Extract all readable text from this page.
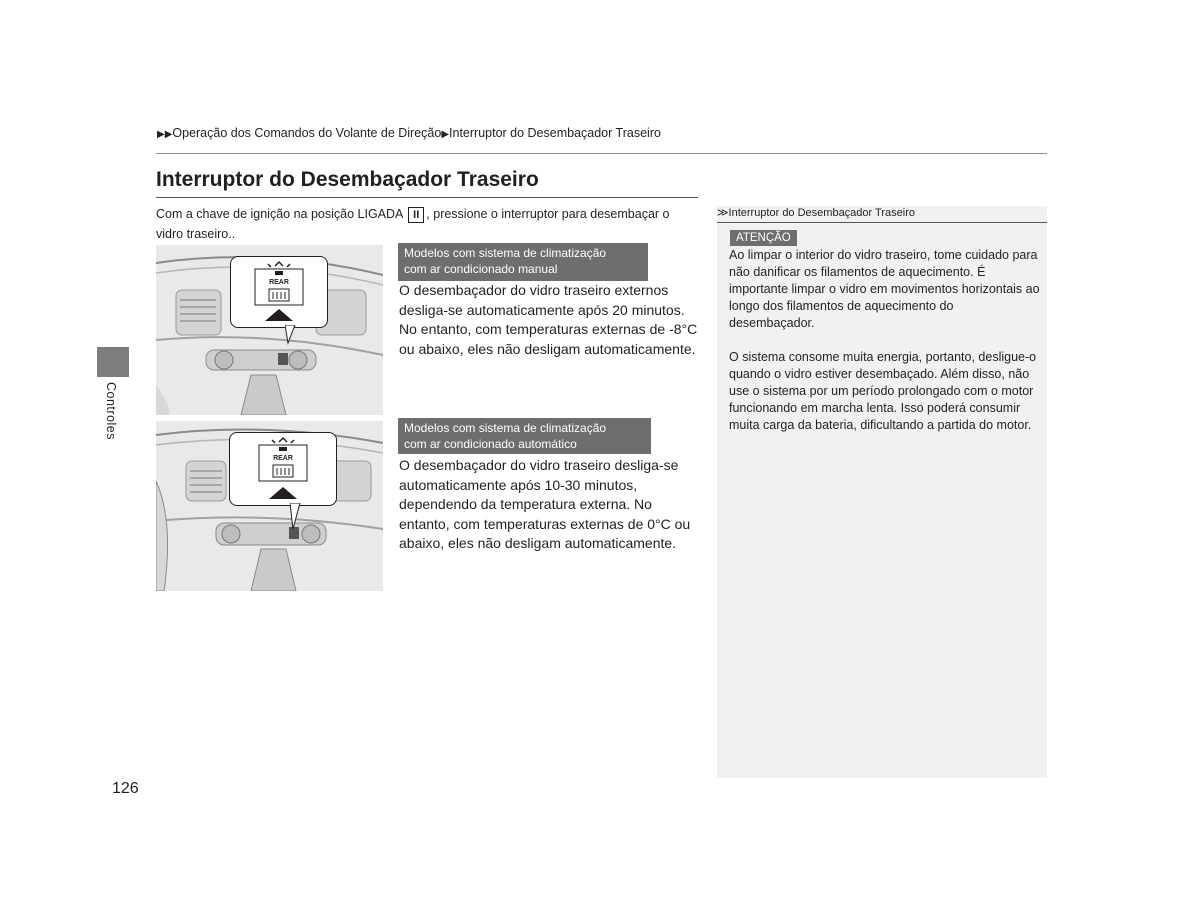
▶▶Operação dos Comandos do Volante de Direção▶Interruptor do Desembaçador Traseiro
Interruptor do Desembaçador Traseiro
Com a chave de ignição na posição LIGADA II , pressione o interruptor para desembaçar o vidro traseiro..
Controles
REAR
Modelos com sistema de climatização
com ar condicionado manual
O desembaçador do vidro traseiro externos desliga-se automaticamente após 20 minutos. No entanto, com temperaturas externas de -8°C ou abaixo, eles não desligam automaticamente.
REAR
Modelos com sistema de climatização
com ar condicionado automático
O desembaçador do vidro traseiro desliga-se automaticamente após 10-30 minutos, dependendo da temperatura externa. No entanto, com temperaturas externas de 0°C ou abaixo, eles não desligam automaticamente.
≫Interruptor do Desembaçador Traseiro
ATENÇÃO
Ao limpar o interior do vidro traseiro, tome cuidado para não danificar os filamentos de aquecimento. É importante limpar o vidro em movimentos horizontais ao longo dos filamentos de aquecimento do desembaçador.
O sistema consome muita energia, portanto, desligue-o quando o vidro estiver desembaçado. Além disso, não use o sistema por um período prolongado com o motor funcionando em marcha lenta. Isso poderá consumir muita carga da bateria, dificultando a partida do motor.
126
